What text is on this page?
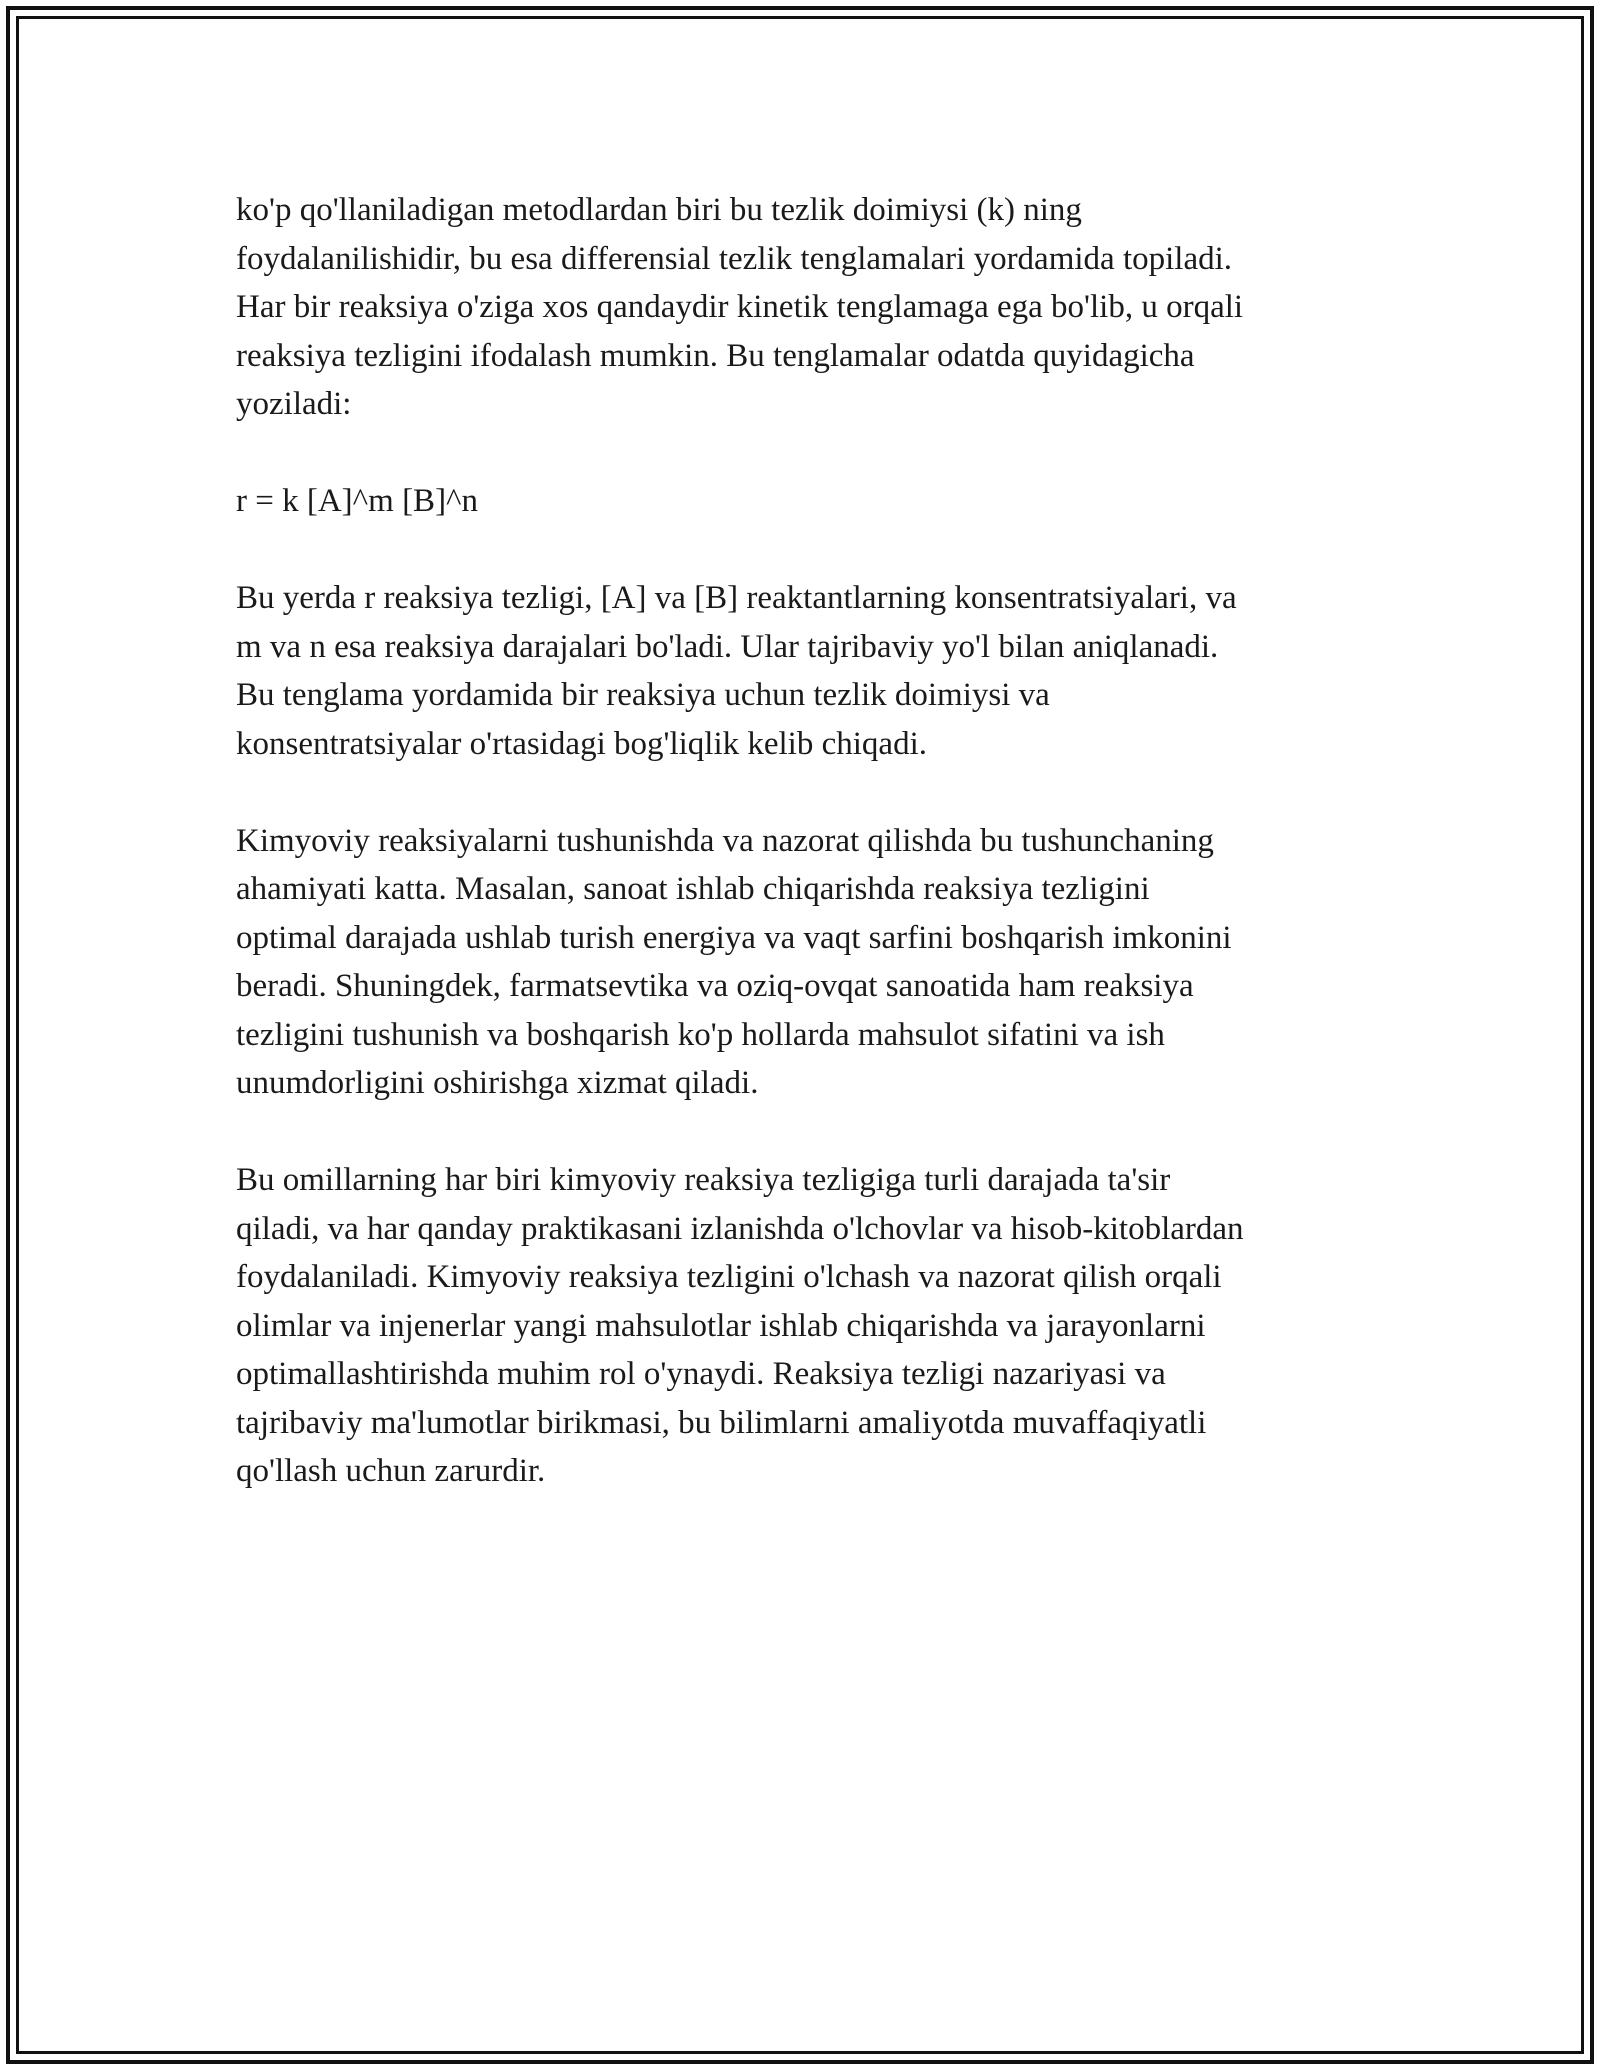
ko'p qo'llaniladigan metodlardan biri bu tezlik doimiysi (k) ning
foydalanilishidir, bu esa differensial tezlik tenglamalari yordamida topiladi.
Har bir reaksiya o'ziga xos qandaydir kinetik tenglamaga ega bo'lib, u orqali
reaksiya tezligini ifodalash mumkin. Bu tenglamalar odatda quyidagicha
yoziladi:

r = k [A]^m [B]^n

Bu yerda r reaksiya tezligi, [A] va [B] reaktantlarning konsentratsiyalari, va
m va n esa reaksiya darajalari bo'ladi. Ular tajribaviy yo'l bilan aniqlanadi.
Bu tenglama yordamida bir reaksiya uchun tezlik doimiysi va
konsentratsiyalar o'rtasidagi bog'liqlik kelib chiqadi.

Kimyoviy reaksiyalarni tushunishda va nazorat qilishda bu tushunchaning
ahamiyati katta. Masalan, sanoat ishlab chiqarishda reaksiya tezligini
optimal darajada ushlab turish energiya va vaqt sarfini boshqarish imkonini
beradi. Shuningdek, farmatsevtika va oziq-ovqat sanoatida ham reaksiya
tezligini tushunish va boshqarish ko'p hollarda mahsulot sifatini va ish
unumdorligini oshirishga xizmat qiladi.

Bu omillarning har biri kimyoviy reaksiya tezligiga turli darajada ta'sir
qiladi, va har qanday praktikasani izlanishda o'lchovlar va hisob-kitoblardan
foydalaniladi. Kimyoviy reaksiya tezligini o'lchash va nazorat qilish orqali
olimlar va injenerlar yangi mahsulotlar ishlab chiqarishda va jarayonlarni
optimallashtirishda muhim rol o'ynaydi. Reaksiya tezligi nazariyasi va
tajribaviy ma'lumotlar birikmasi, bu bilimlarni amaliyotda muvaffaqiyatli
qo'llash uchun zarurdir.
